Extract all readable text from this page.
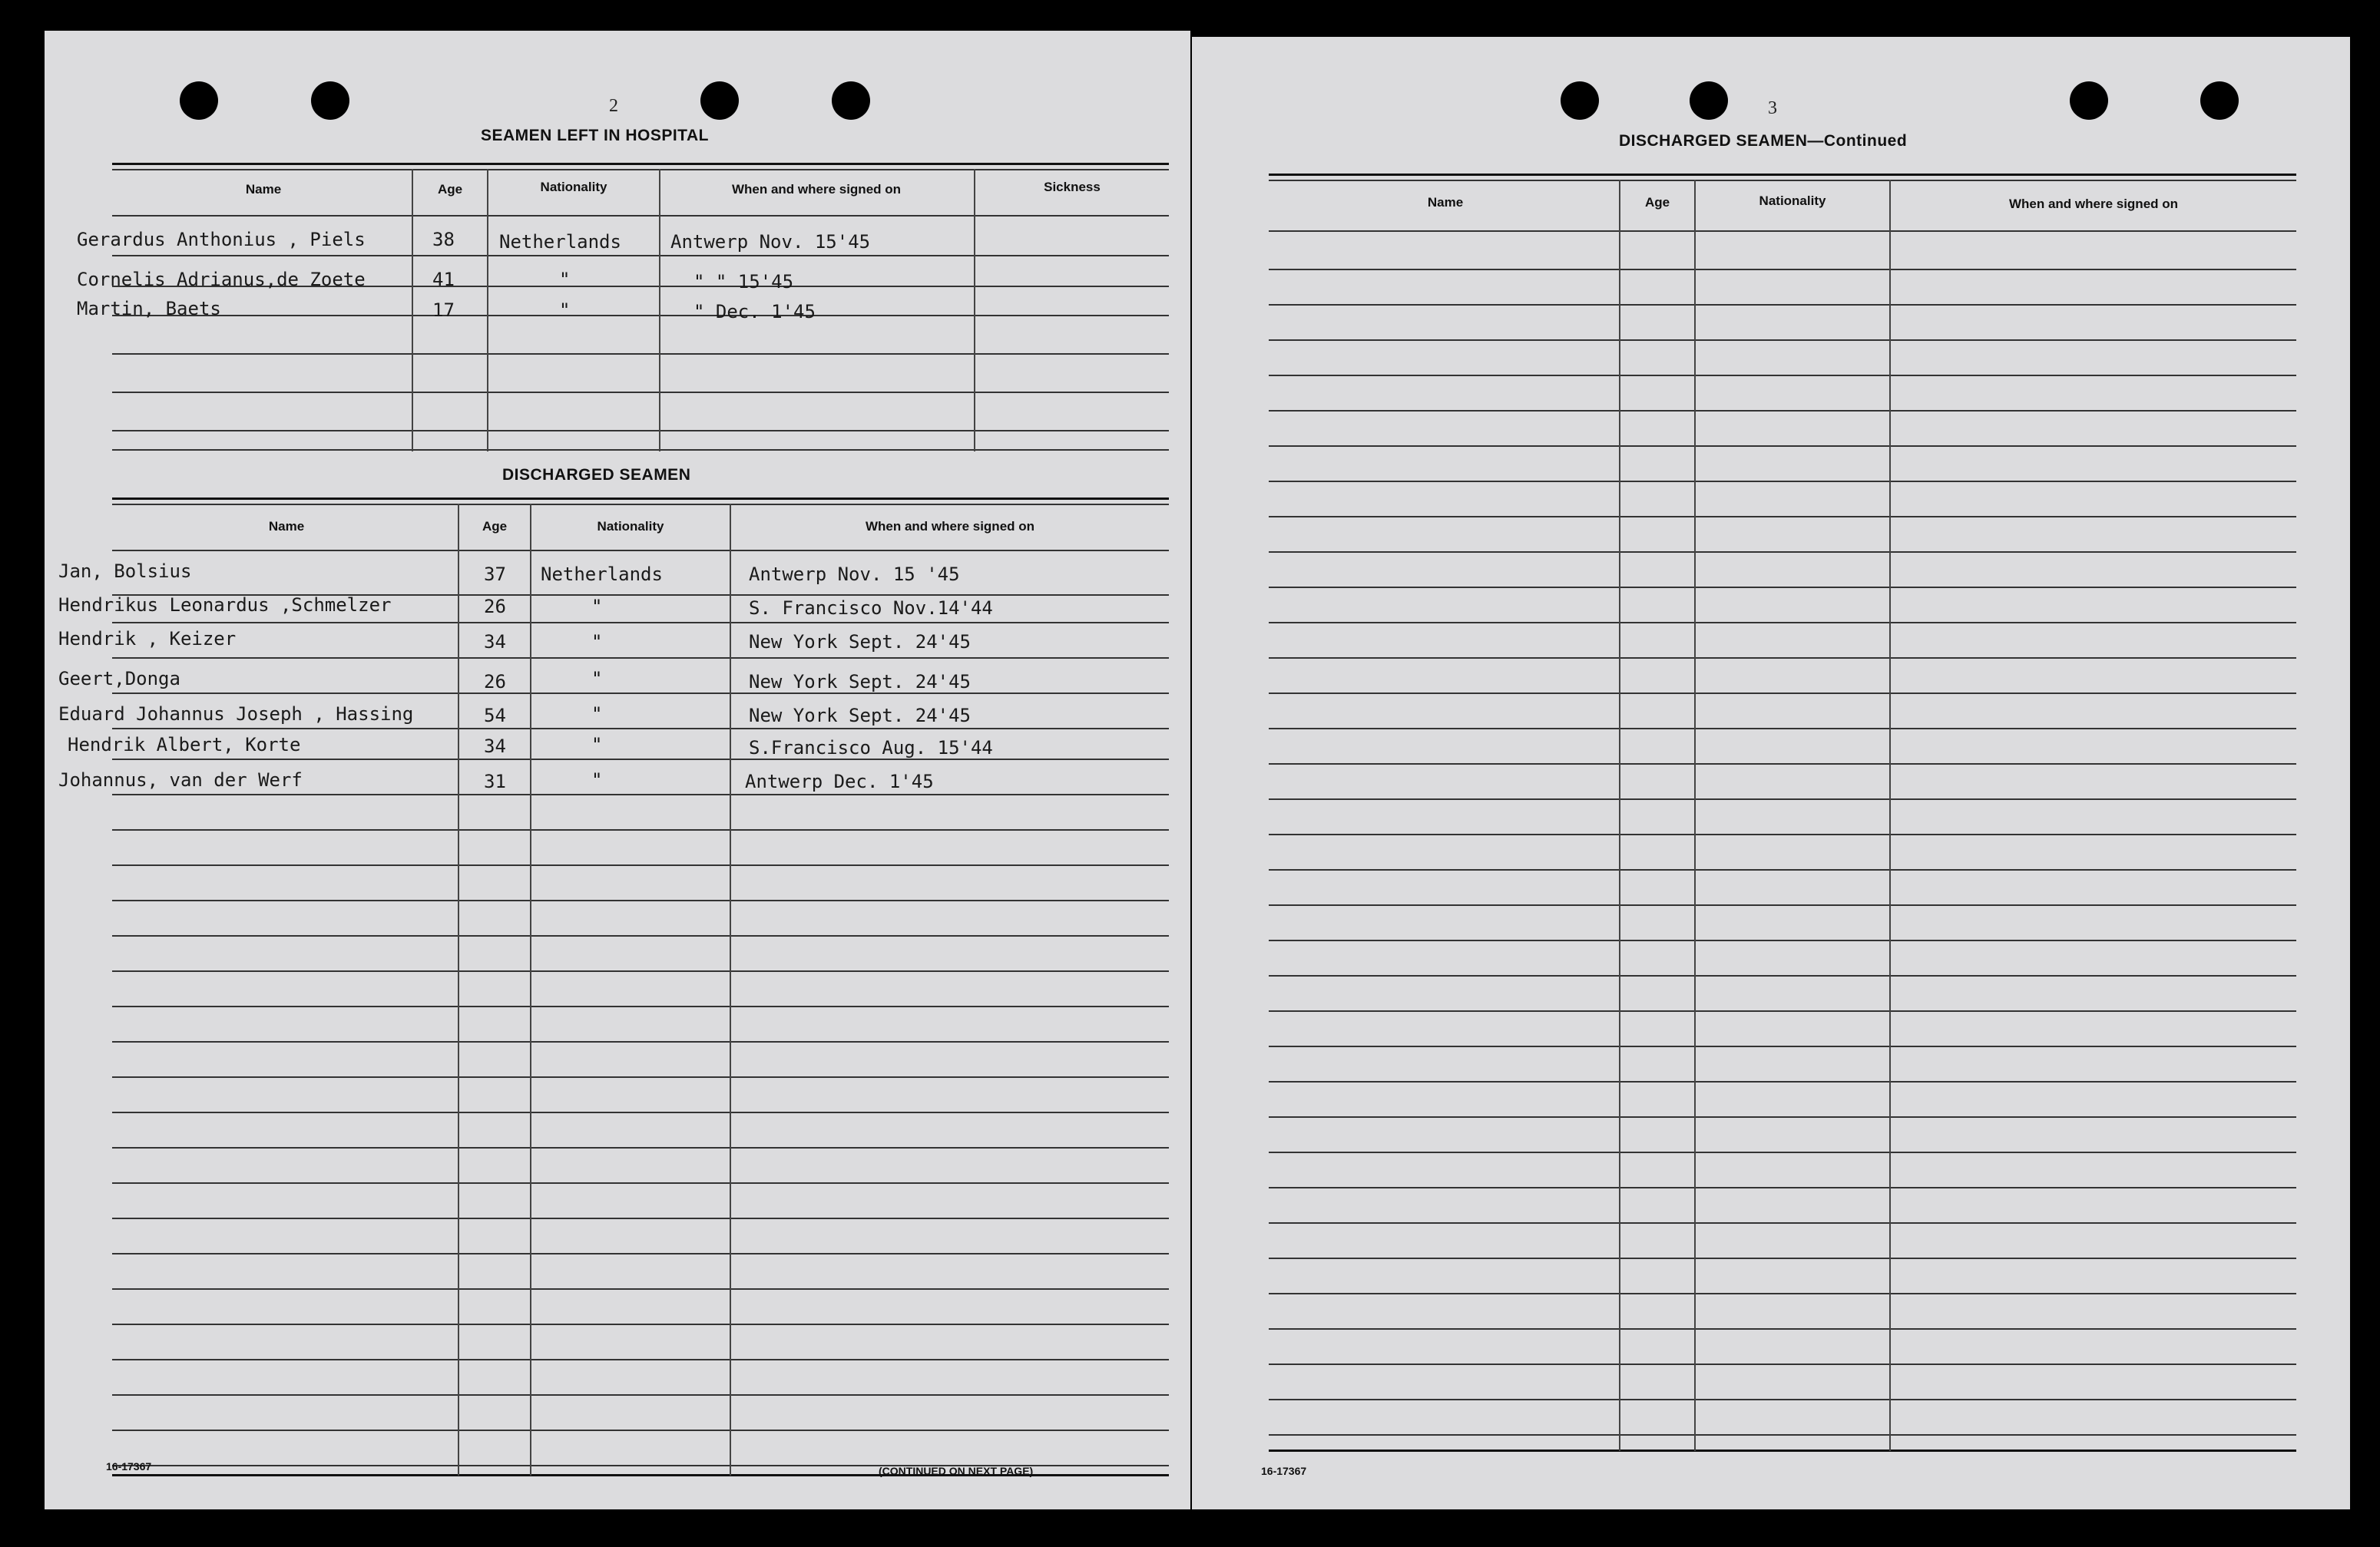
2
SEAMEN LEFT IN HOSPITAL
Name	Age	Nationality	When and where signed on	Sickness
Gerardus Anthonius , Piels	38 Netherlands	Antwerp Nov. 15'45
Cornelis Adrianus,de Zoete	41	"	" " 15'45
Martin, Baets	17	"	" Dec. 1'45
DISCHARGED SEAMEN
Name	Age	Nationality	When and where signed on
Jan, Bolsius	37 Netherlands	Antwerp Nov. 15 '45
Hendrikus Leonardus ,Schmelzer	26	"	S. Francisco Nov.14'44
Hendrik , Keizer	34	"	New York Sept. 24'45
Geert,Donga	26	"	New York Sept. 24'45
Eduard Johannus Joseph , Hassing	54	"	New York Sept. 24'45
Hendrik Albert, Korte	34	"	S.Francisco Aug. 15'44
Johannus, van der Werf	31	"	Antwerp Dec. 1'45
16-17367	(CONTINUED ON NEXT PAGE)
3
DISCHARGED SEAMEN—Continued
Name	Age	Nationality	When and where signed on
16-17367
